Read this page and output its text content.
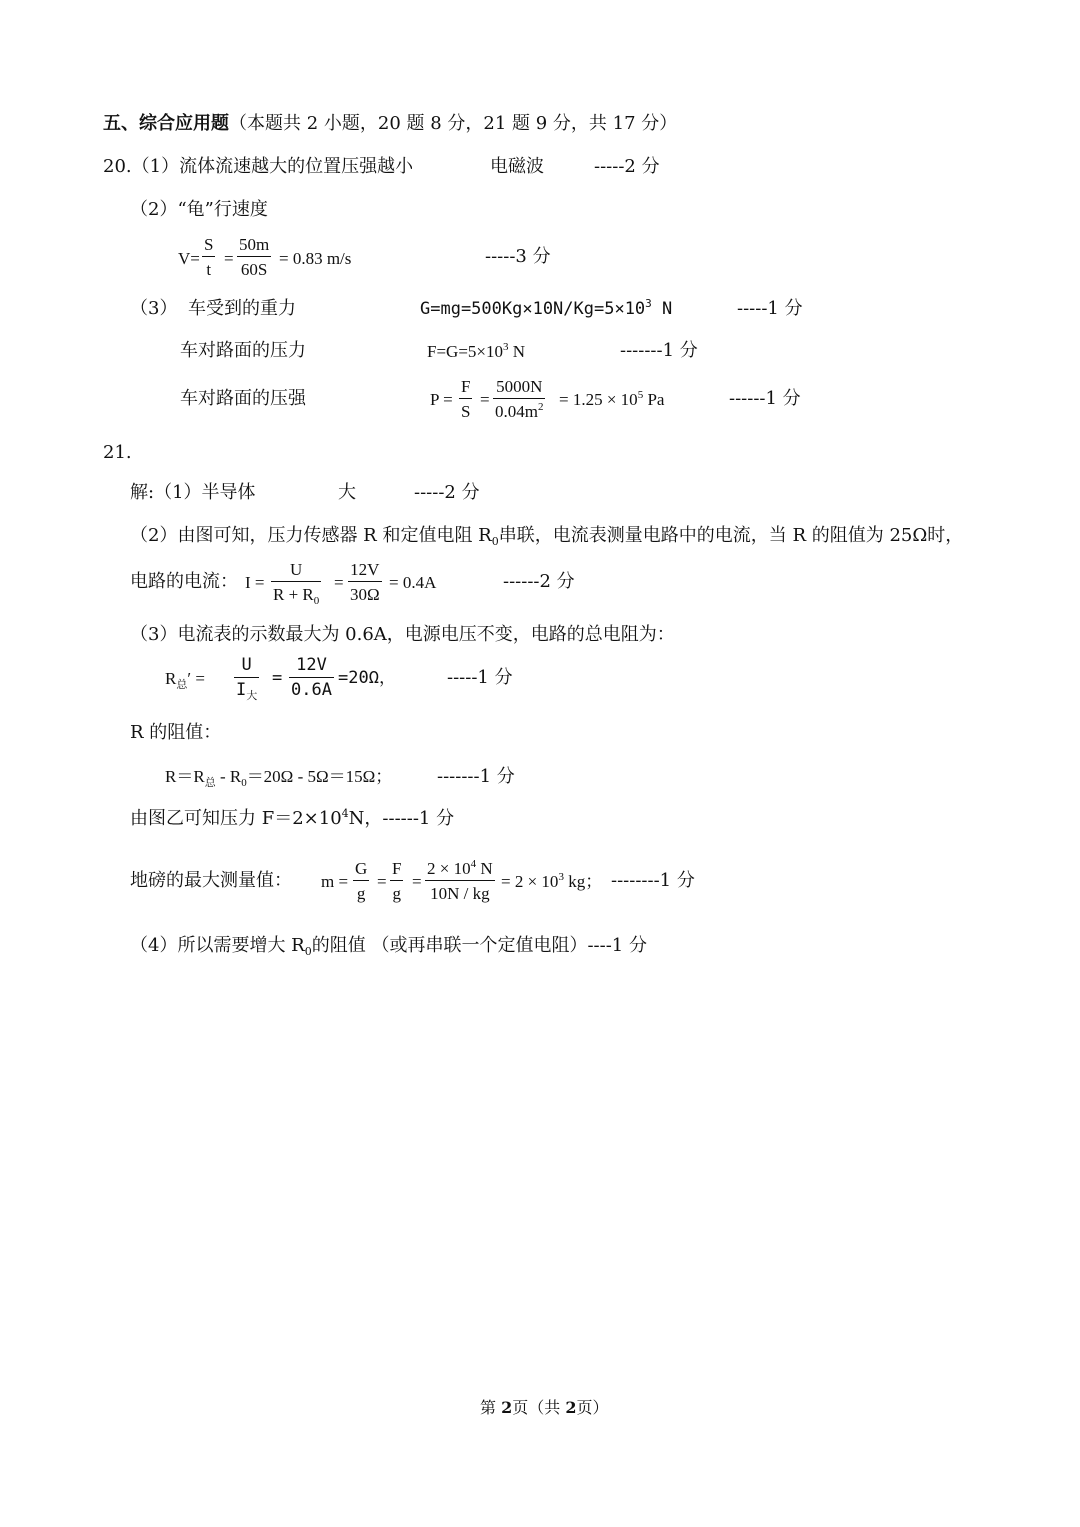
五、综合应用题（本题共 2 小题，20 题 8 分，21 题 9 分，共 17 分）
20.（1）流体流速越大的位置压强越小	电磁波	-----2 分
（2）“龟”行速度
$V= \frac{S}{t} = \frac{50m}{60S} = 0.83$ m/s	-----3 分
（3） 车受到的重力	$G=mg=500Kg\times 10N/Kg=5\times 10^3$ N	-----1 分
车对路面的压力	$F=G=5\times 10^3$ N	-------1 分
车对路面的压强	$P = \frac{F}{S} = \frac{5000N}{0.04m^2} = 1.25 \times 10^5$ Pa	------1 分
21.
解:（1）半导体	大	-----2 分
（2）由图可知，压力传感器 R 和定值电阻 $R_0$串联，电流表测量电路中的电流，当 R 的阻值为 25Ω时，
电路的电流： $I = \frac{U}{R + R_0} = \frac{12V}{30\Omega} = 0.4A$	------2 分
（3）电流表的示数最大为 0.6A，电源电压不变，电路的总电阻为：
$R_总'$ =
U
$I_大$
= $\frac{12V}{0.6A} =20\Omega$，	-----1 分
R 的阻值：
$R=R_总 - R_0=20\Omega - 5\Omega=15\Omega$； -------1 分
由图乙可知压力 $F=2\times 10^4N$，------1 分
地磅的最大测量值： $m = \frac{G}{g} = \frac{F}{g} = \frac{2 \times 10^4 N}{10N / kg} = 2 \times 10^3$ kg； --------1 分
（4）所以需要增大 $R_0$的阻值 （或再串联一个定值电阻）----1 分
第 2页（共 2页）
